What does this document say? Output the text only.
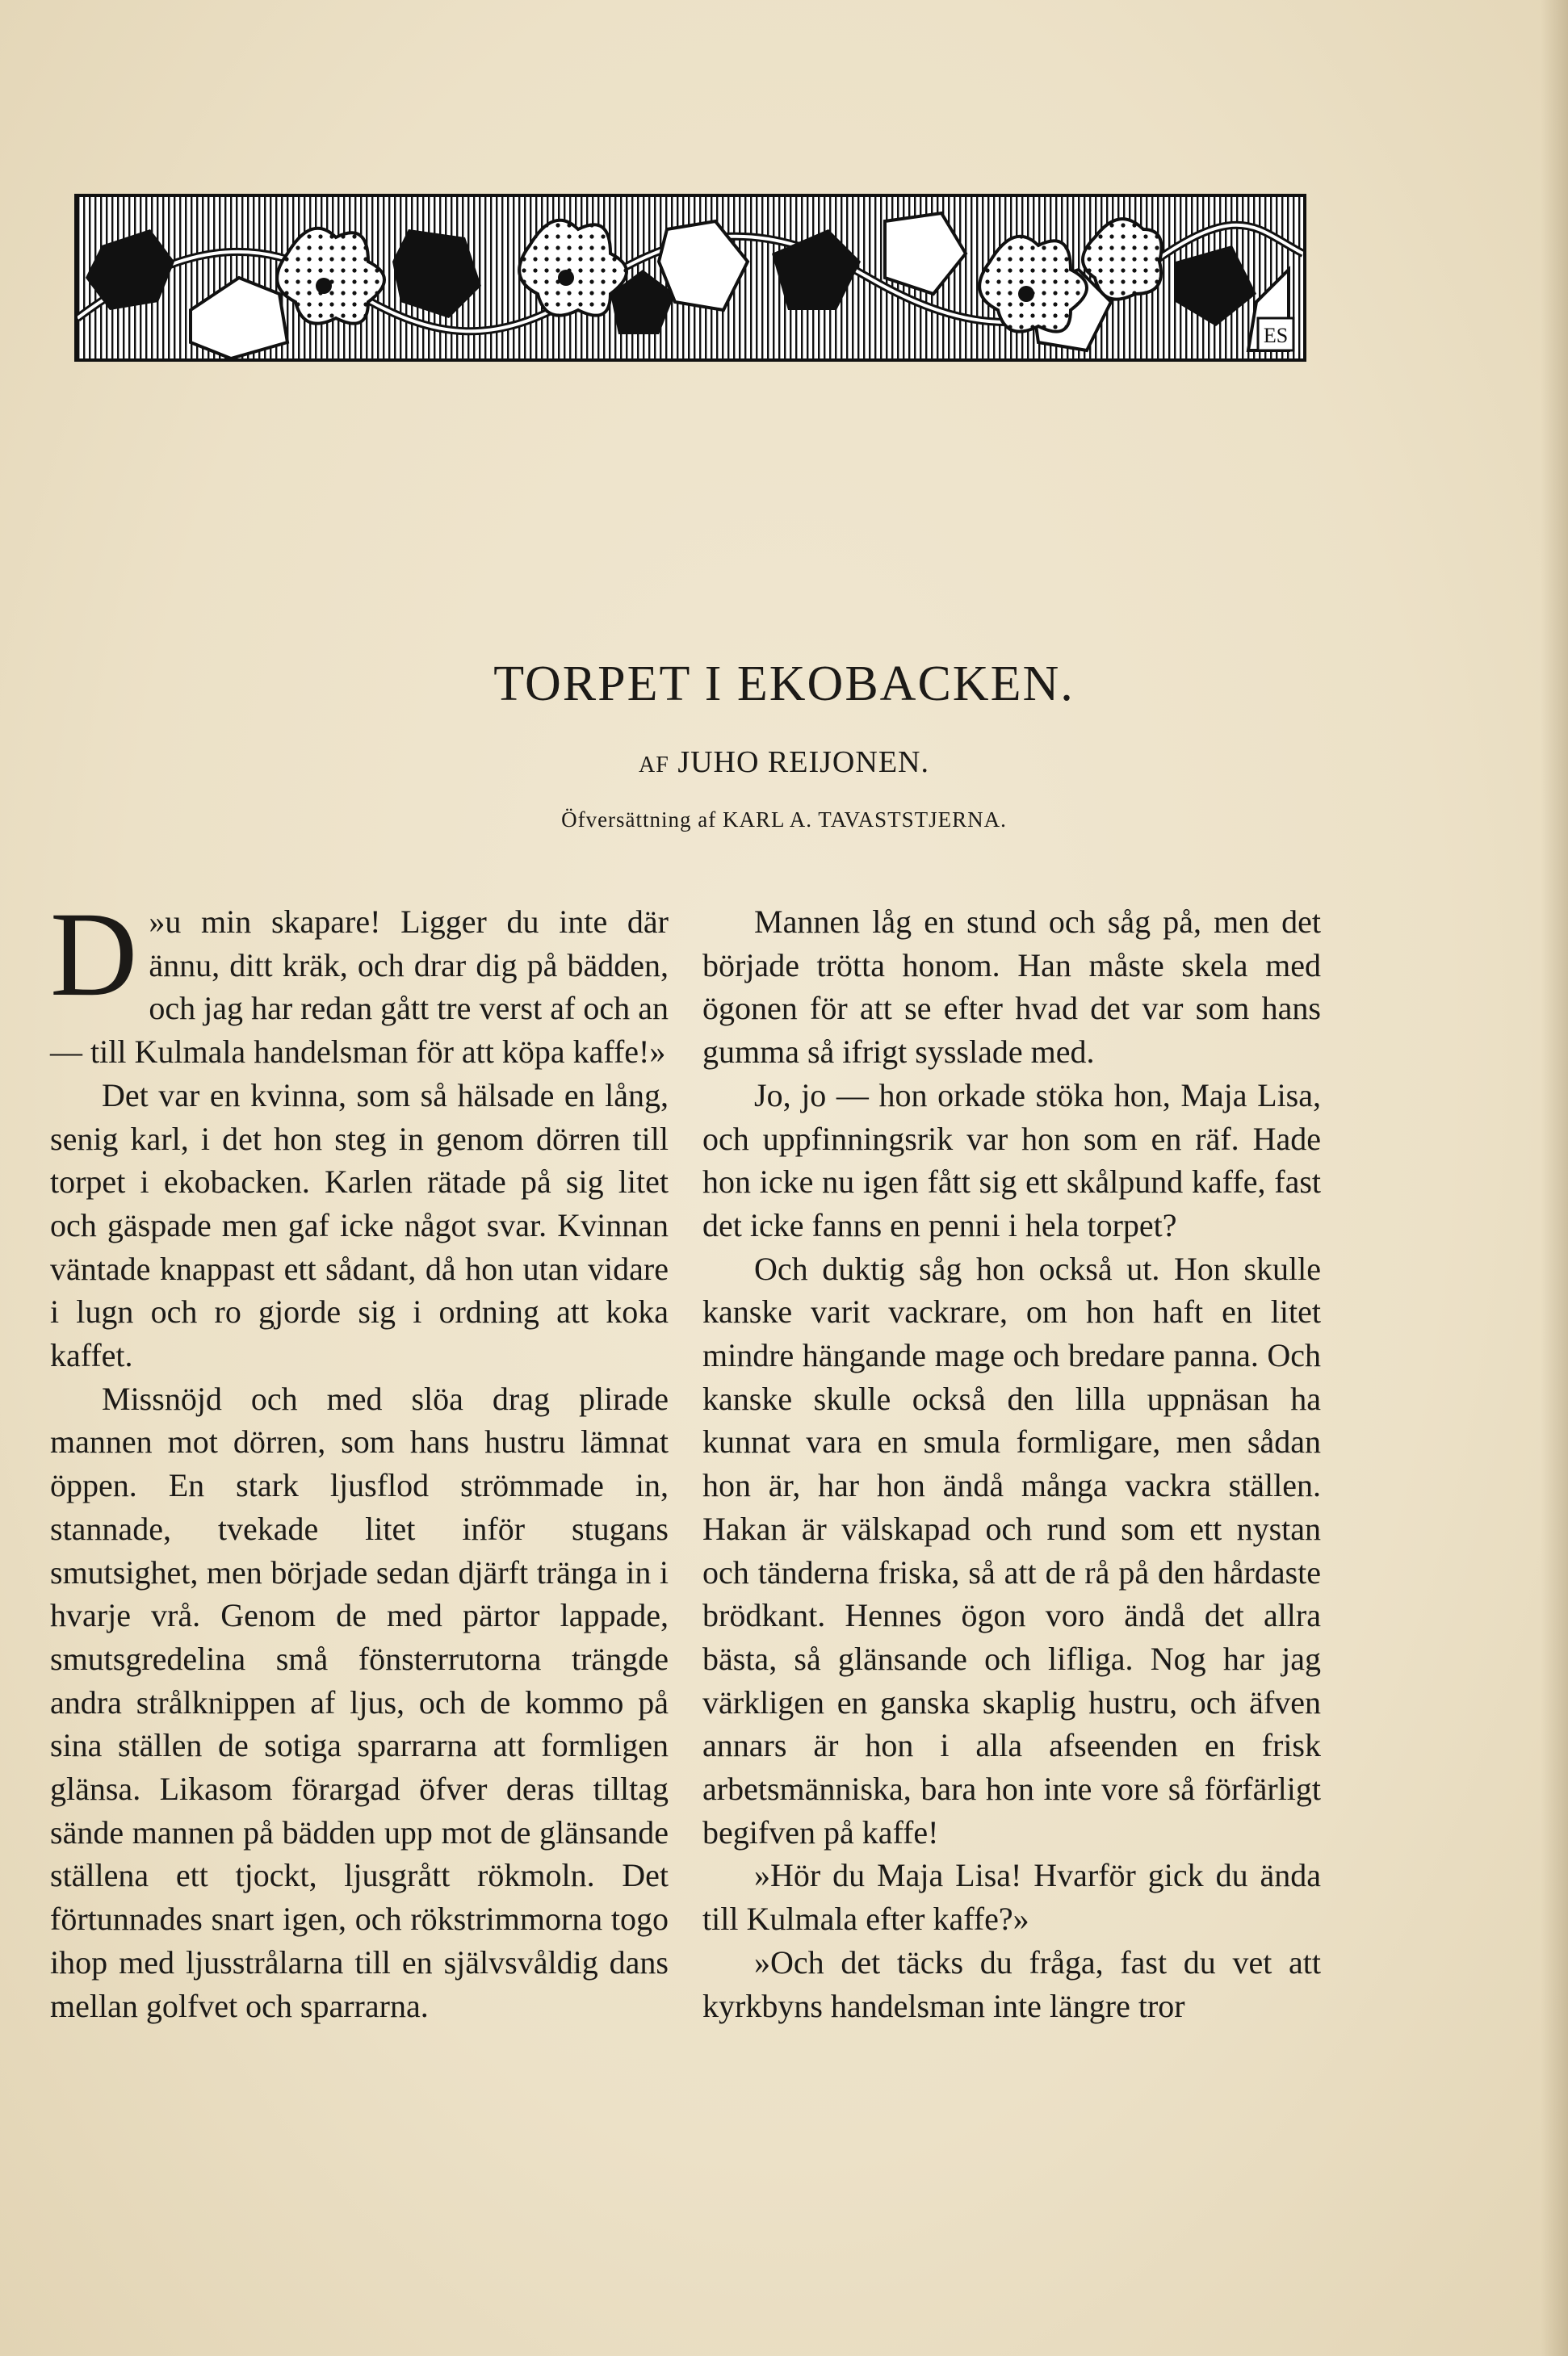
ES
TORPET I EKOBACKEN.
AF JUHO REIJONEN.
Öfversättning af KARL A. TAVASTSTJERNA.

»
D u min skapare! Ligger du inte där ännu, ditt kräk, och drar dig på bädden, och jag har redan gått tre verst af och an — till Kulmala handelsman för att köpa kaffe!»

Det var en kvinna, som så hälsade en lång, senig karl, i det hon steg in genom dörren till torpet i ekobacken. Karlen rätade på sig litet och gäspade men gaf icke något svar. Kvinnan väntade knappast ett sådant, då hon utan vidare i lugn och ro gjorde sig i ordning att koka kaffet.

Missnöjd och med slöa drag plirade mannen mot dörren, som hans hustru lämnat öppen. En stark ljusflod strömmade in, stannade, tvekade litet inför stugans smutsighet, men började sedan djärft tränga in i hvarje vrå. Genom de med pärtor lappade, smutsgredelina små fönsterrutorna trängde andra strålknippen af ljus, och de kommo på sina ställen de sotiga sparrarna att formligen glänsa. Likasom förargad öfver deras tilltag sände mannen på bädden upp mot de glänsande ställena ett tjockt, ljusgrått rökmoln. Det förtunnades snart igen, och rökstrimmorna togo ihop med ljusstrålarna till en självsvåldig dans mellan golfvet och sparrarna.

Mannen låg en stund och såg på, men det började trötta honom. Han måste skela med ögonen för att se efter hvad det var som hans gumma så ifrigt sysslade med.

Jo, jo — hon orkade stöka hon, Maja Lisa, och uppfinningsrik var hon som en räf. Hade hon icke nu igen fått sig ett skålpund kaffe, fast det icke fanns en penni i hela torpet?

Och duktig såg hon också ut. Hon skulle kanske varit vackrare, om hon haft en litet mindre hängande mage och bredare panna. Och kanske skulle också den lilla uppnäsan ha kunnat vara en smula formligare, men sådan hon är, har hon ändå många vackra ställen. Hakan är välskapad och rund som ett nystan och tänderna friska, så att de rå på den hårdaste brödkant. Hennes ögon voro ändå det allra bästa, så glänsande och lifliga. Nog har jag värkligen en ganska skaplig hustru, och äfven annars är hon i alla afseenden en frisk arbetsmänniska, bara hon inte vore så förfärligt begifven på kaffe!

»Hör du Maja Lisa! Hvarför gick du ända till Kulmala efter kaffe?»

»Och det täcks du fråga, fast du vet att kyrkbyns handelsman inte längre tror
